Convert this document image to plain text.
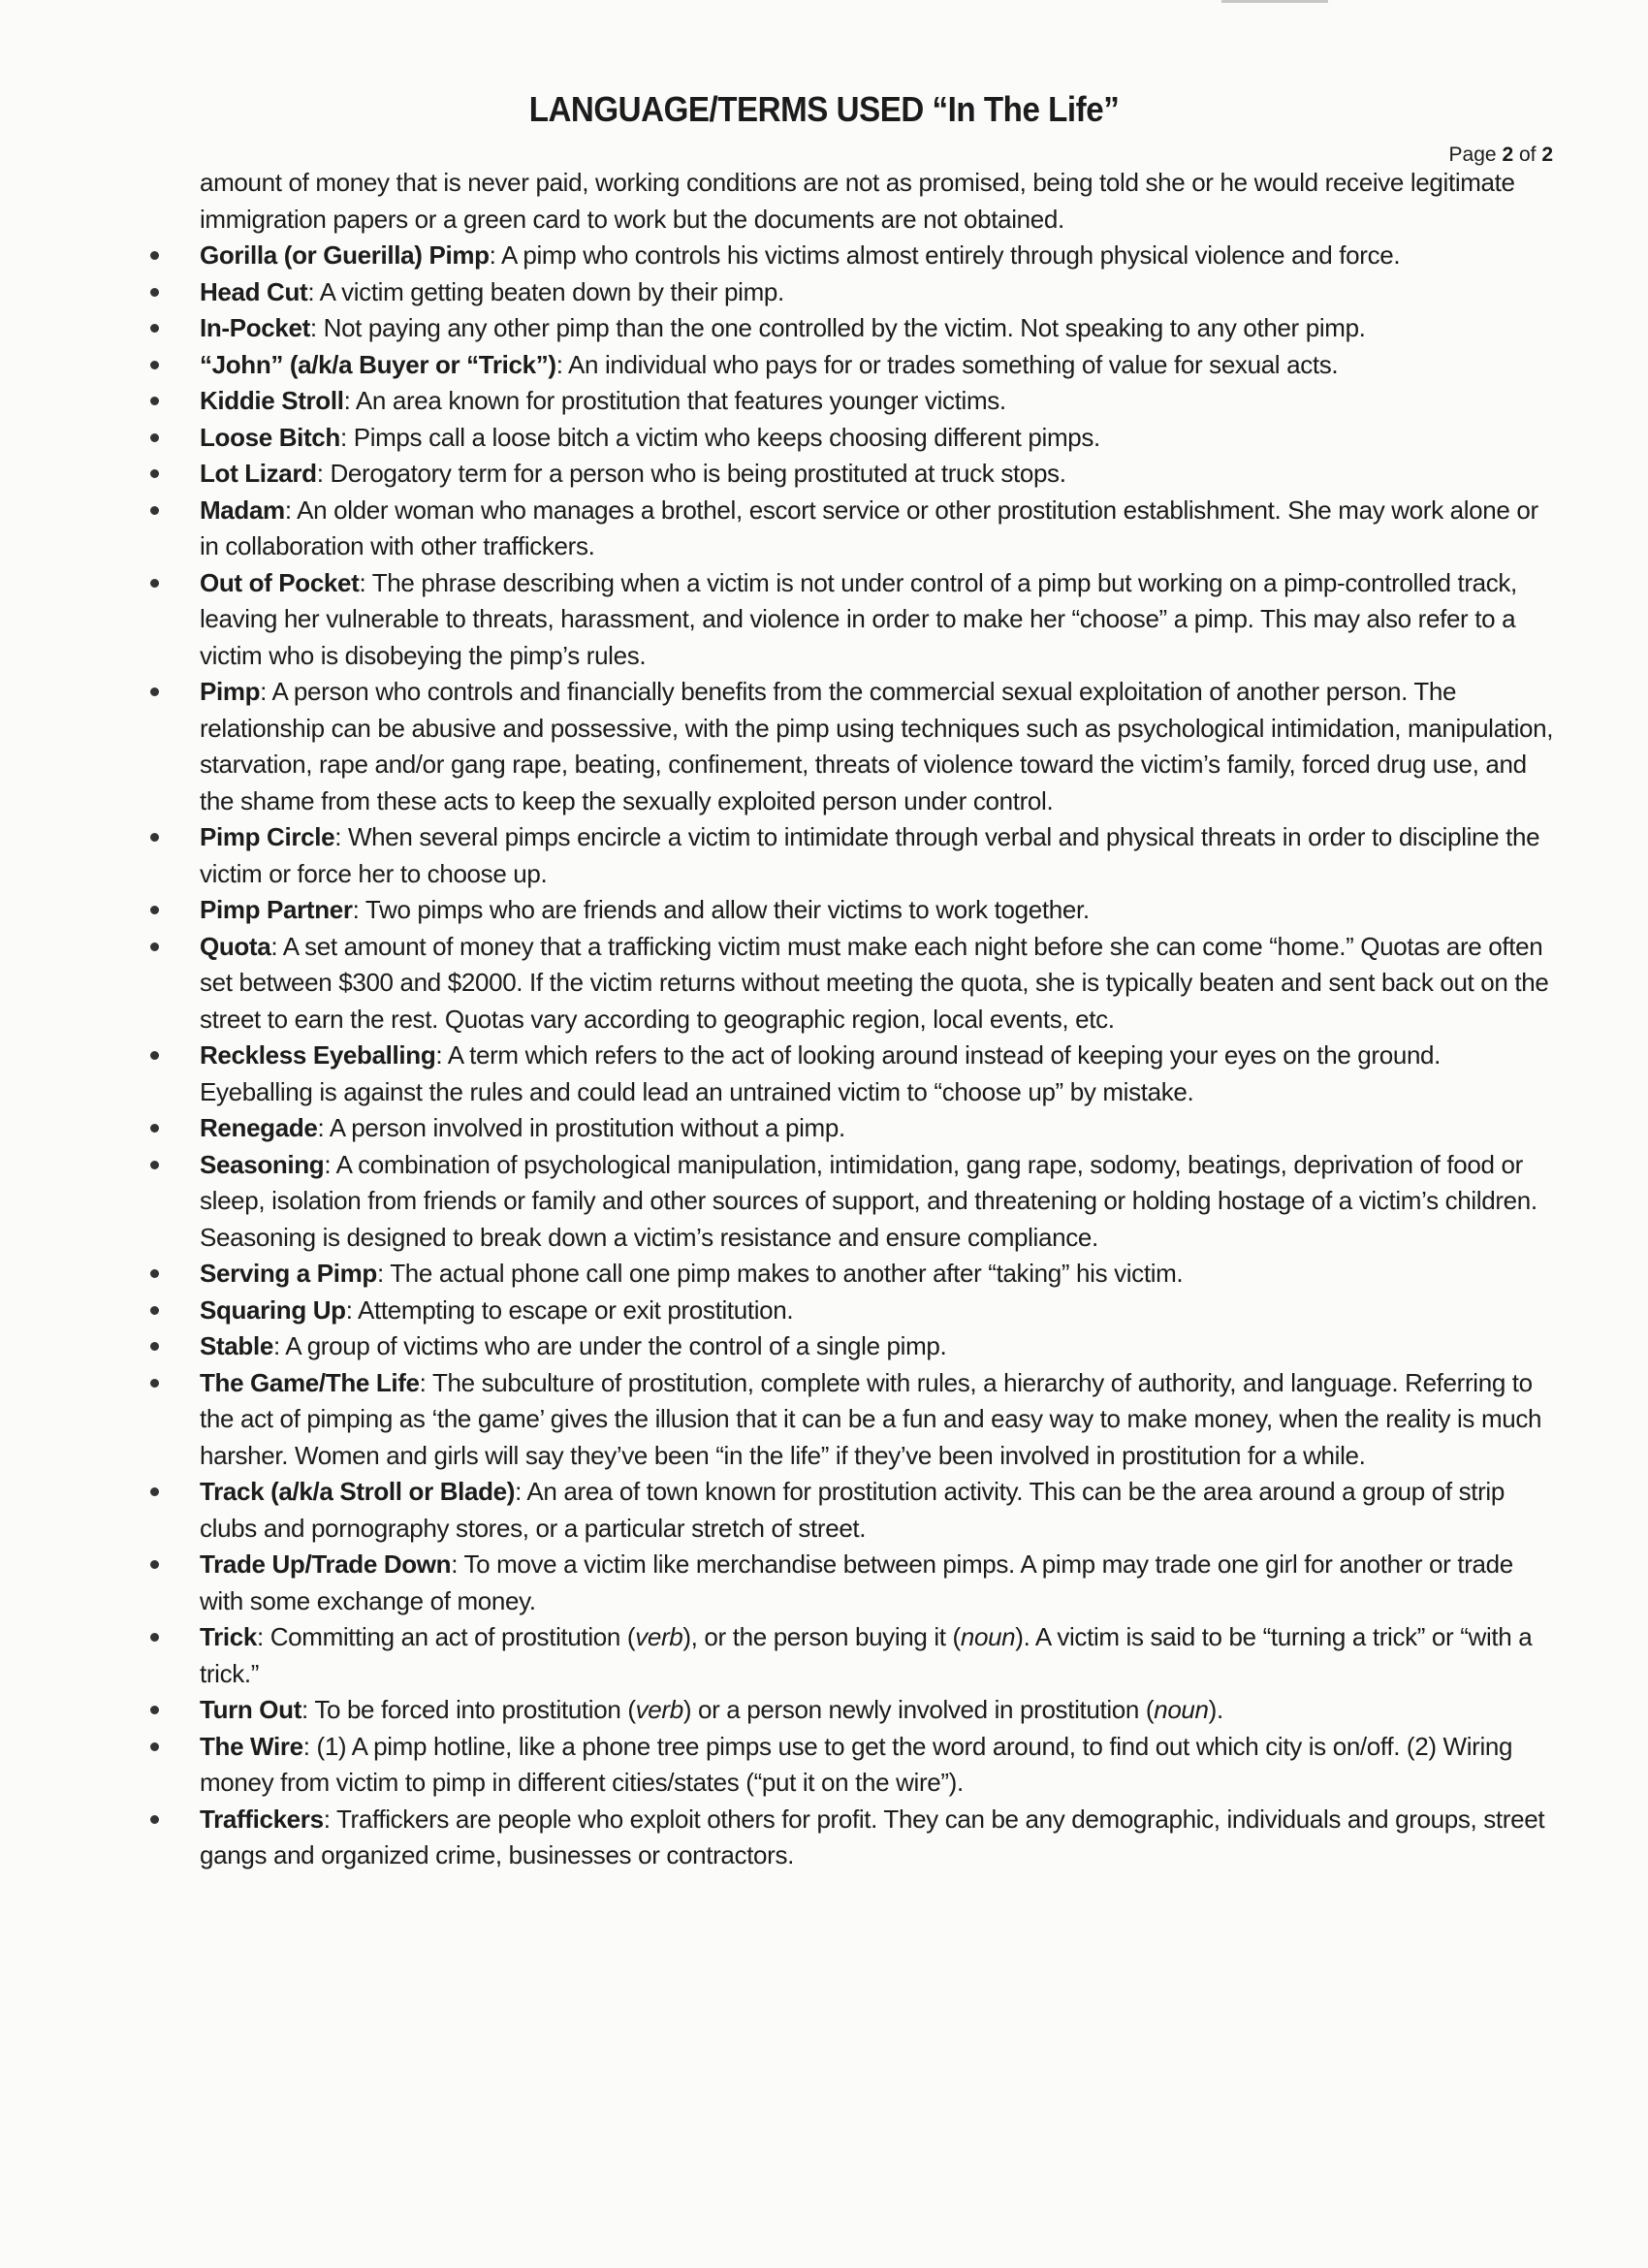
LANGUAGE/TERMS USED “In The Life”
Page 2 of 2

amount of money that is never paid, working conditions are not as promised, being told she or he would receive legitimate immigration papers or a green card to work but the documents are not obtained.

Gorilla (or Guerilla) Pimp: A pimp who controls his victims almost entirely through physical violence and force.
Head Cut: A victim getting beaten down by their pimp.
In-Pocket: Not paying any other pimp than the one controlled by the victim. Not speaking to any other pimp.
“John” (a/k/a Buyer or “Trick”): An individual who pays for or trades something of value for sexual acts.
Kiddie Stroll: An area known for prostitution that features younger victims.
Loose Bitch: Pimps call a loose bitch a victim who keeps choosing different pimps.
Lot Lizard: Derogatory term for a person who is being prostituted at truck stops.
Madam: An older woman who manages a brothel, escort service or other prostitution establishment. She may work alone or in collaboration with other traffickers.
Out of Pocket: The phrase describing when a victim is not under control of a pimp but working on a pimp-controlled track, leaving her vulnerable to threats, harassment, and violence in order to make her “choose” a pimp. This may also refer to a victim who is disobeying the pimp’s rules.
Pimp: A person who controls and financially benefits from the commercial sexual exploitation of another person. The relationship can be abusive and possessive, with the pimp using techniques such as psychological intimidation, manipulation, starvation, rape and/or gang rape, beating, confinement, threats of violence toward the victim’s family, forced drug use, and the shame from these acts to keep the sexually exploited person under control.
Pimp Circle: When several pimps encircle a victim to intimidate through verbal and physical threats in order to discipline the victim or force her to choose up.
Pimp Partner: Two pimps who are friends and allow their victims to work together.
Quota: A set amount of money that a trafficking victim must make each night before she can come “home.” Quotas are often set between $300 and $2000. If the victim returns without meeting the quota, she is typically beaten and sent back out on the street to earn the rest. Quotas vary according to geographic region, local events, etc.
Reckless Eyeballing: A term which refers to the act of looking around instead of keeping your eyes on the ground. Eyeballing is against the rules and could lead an untrained victim to “choose up” by mistake.
Renegade: A person involved in prostitution without a pimp.
Seasoning: A combination of psychological manipulation, intimidation, gang rape, sodomy, beatings, deprivation of food or sleep, isolation from friends or family and other sources of support, and threatening or holding hostage of a victim’s children. Seasoning is designed to break down a victim’s resistance and ensure compliance.
Serving a Pimp: The actual phone call one pimp makes to another after “taking” his victim.
Squaring Up: Attempting to escape or exit prostitution.
Stable: A group of victims who are under the control of a single pimp.
The Game/The Life: The subculture of prostitution, complete with rules, a hierarchy of authority, and language. Referring to the act of pimping as ‘the game’ gives the illusion that it can be a fun and easy way to make money, when the reality is much harsher. Women and girls will say they’ve been “in the life” if they’ve been involved in prostitution for a while.
Track (a/k/a Stroll or Blade): An area of town known for prostitution activity. This can be the area around a group of strip clubs and pornography stores, or a particular stretch of street.
Trade Up/Trade Down: To move a victim like merchandise between pimps. A pimp may trade one girl for another or trade with some exchange of money.
Trick: Committing an act of prostitution (verb), or the person buying it (noun). A victim is said to be “turning a trick” or “with a trick.”
Turn Out: To be forced into prostitution (verb) or a person newly involved in prostitution (noun).
The Wire: (1) A pimp hotline, like a phone tree pimps use to get the word around, to find out which city is on/off. (2) Wiring money from victim to pimp in different cities/states (“put it on the wire”).
Traffickers: Traffickers are people who exploit others for profit. They can be any demographic, individuals and groups, street gangs and organized crime, businesses or contractors.
